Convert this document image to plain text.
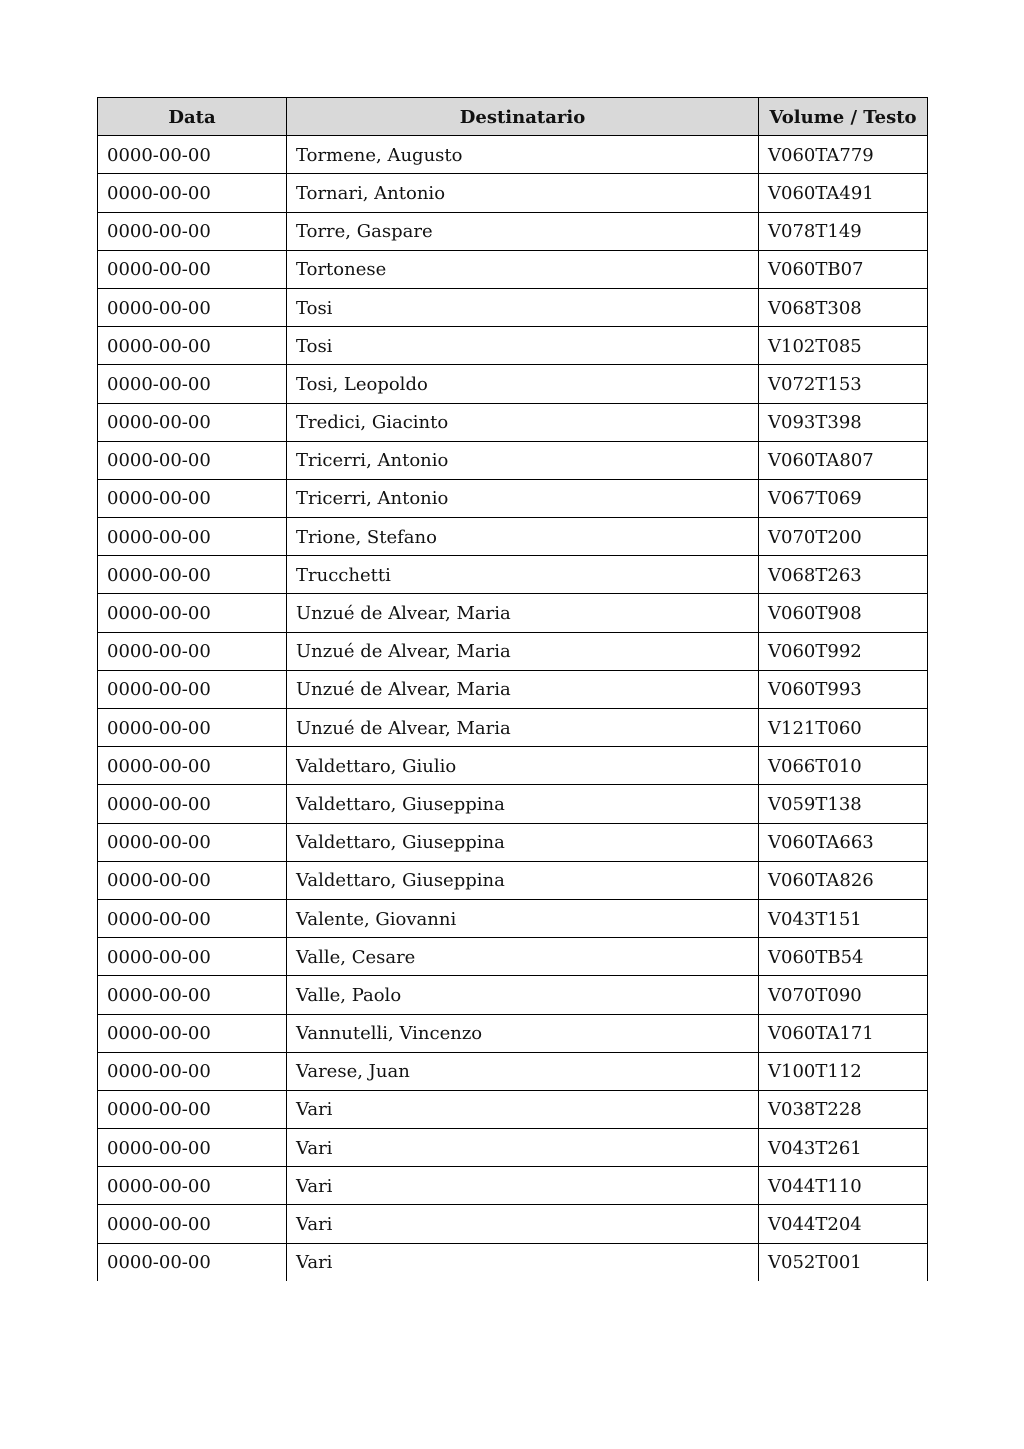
Data	Destinatario	Volume / Testo
0000-00-00	Tormene, Augusto	V060TA779
0000-00-00	Tornari, Antonio	V060TA491
0000-00-00	Torre, Gaspare	V078T149
0000-00-00	Tortonese	V060TB07
0000-00-00	Tosi	V068T308
0000-00-00	Tosi	V102T085
0000-00-00	Tosi, Leopoldo	V072T153
0000-00-00	Tredici, Giacinto	V093T398
0000-00-00	Tricerri, Antonio	V060TA807
0000-00-00	Tricerri, Antonio	V067T069
0000-00-00	Trione, Stefano	V070T200
0000-00-00	Trucchetti	V068T263
0000-00-00	Unzué de Alvear, Maria	V060T908
0000-00-00	Unzué de Alvear, Maria	V060T992
0000-00-00	Unzué de Alvear, Maria	V060T993
0000-00-00	Unzué de Alvear, Maria	V121T060
0000-00-00	Valdettaro, Giulio	V066T010
0000-00-00	Valdettaro, Giuseppina	V059T138
0000-00-00	Valdettaro, Giuseppina	V060TA663
0000-00-00	Valdettaro, Giuseppina	V060TA826
0000-00-00	Valente, Giovanni	V043T151
0000-00-00	Valle, Cesare	V060TB54
0000-00-00	Valle, Paolo	V070T090
0000-00-00	Vannutelli, Vincenzo	V060TA171
0000-00-00	Varese, Juan	V100T112
0000-00-00	Vari	V038T228
0000-00-00	Vari	V043T261
0000-00-00	Vari	V044T110
0000-00-00	Vari	V044T204
0000-00-00	Vari	V052T001
